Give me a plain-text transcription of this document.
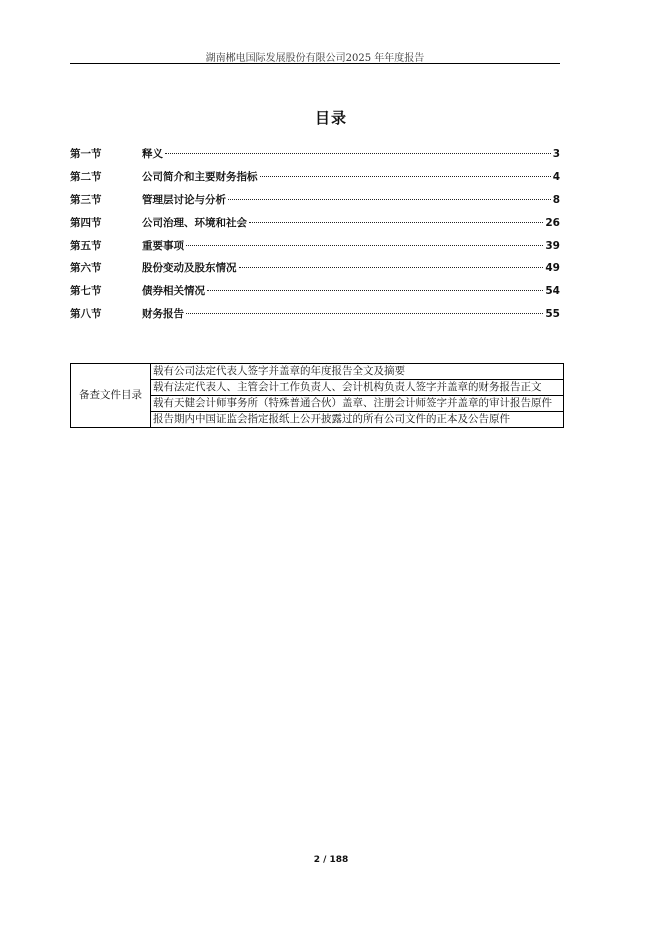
湖南郴电国际发展股份有限公司2025 年年度报告
目录
第一节	释义	3
第二节	公司简介和主要财务指标	4
第三节	管理层讨论与分析	8
第四节	公司治理、环境和社会	26
第五节	重要事项	39
第六节	股份变动及股东情况	49
第七节	债券相关情况	54
第八节	财务报告	55
备查文件目录	载有公司法定代表人签字并盖章的年度报告全文及摘要
载有法定代表人、主管会计工作负责人、会计机构负责人签字并盖章的财务报告正文
载有天健会计师事务所（特殊普通合伙）盖章、注册会计师签字并盖章的审计报告原件
报告期内中国证监会指定报纸上公开披露过的所有公司文件的正本及公告原件
2 / 188
